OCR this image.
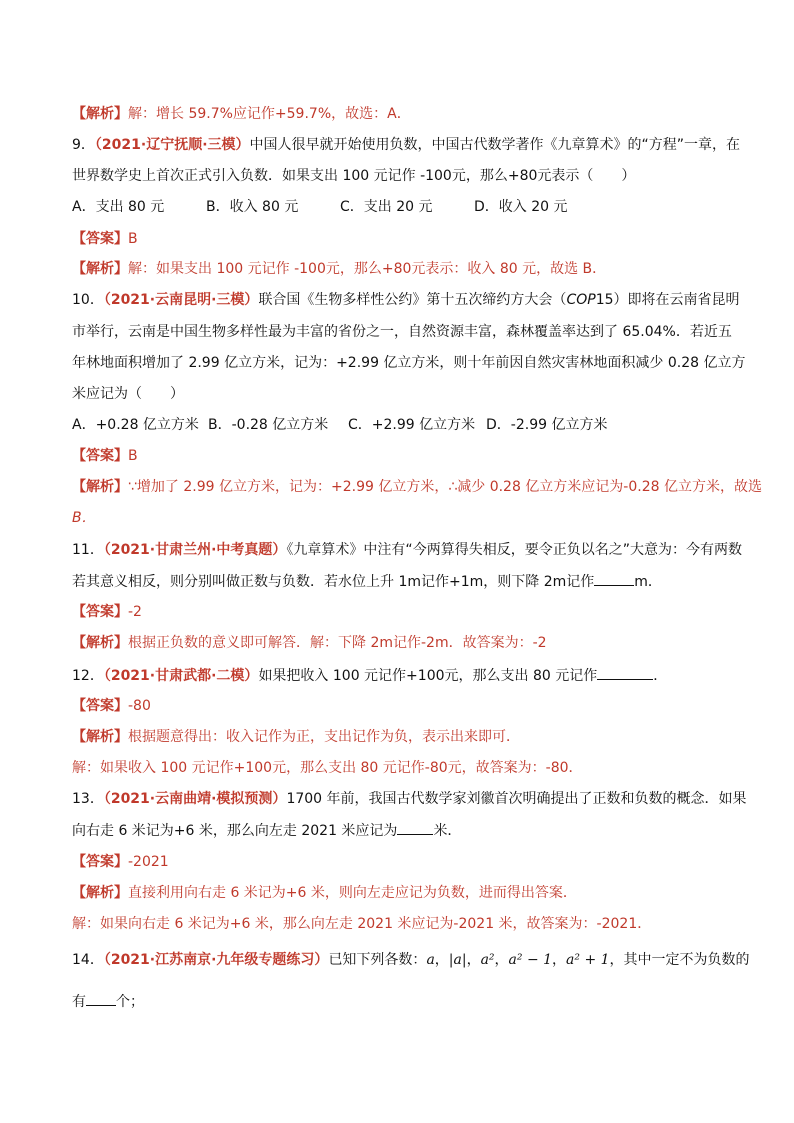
【解析】解：增长 59.7%应记作+59.7%，故选：A．
9．（2021·辽宁抚顺·三模）中国人很早就开始使用负数，中国古代数学著作《九章算术》的“方程”一章，在
世界数学史上首次正式引入负数．如果支出 100 元记作 -100元，那么+80元表示（　　）
A．支出 80 元	B．收入 80 元	C．支出 20 元	D．收入 20 元
【答案】B
【解析】解：如果支出 100 元记作 -100元，那么+80元表示：收入 80 元，故选 B．
10．（2021·云南昆明·三模）联合国《生物多样性公约》第十五次缔约方大会（COP15）即将在云南省昆明
市举行，云南是中国生物多样性最为丰富的省份之一，自然资源丰富，森林覆盖率达到了 65.04%．若近五
年林地面积增加了 2.99 亿立方米，记为：+2.99 亿立方米，则十年前因自然灾害林地面积减少 0.28 亿立方
米应记为（　　）
A．+0.28 亿立方米 B．-0.28 亿立方米 C．+2.99 亿立方米 D．-2.99 亿立方米
【答案】B
【解析】∵增加了 2.99 亿立方米，记为：+2.99 亿立方米，∴减少 0.28 亿立方米应记为-0.28 亿立方米，故选
B．
11．（2021·甘肃兰州·中考真题）《九章算术》中注有“今两算得失相反，要令正负以名之”大意为：今有两数
若其意义相反，则分别叫做正数与负数．若水位上升 1m记作+1m，则下降 2m记作	m．
【答案】-2
【解析】根据正负数的意义即可解答．解：下降 2m记作-2m．故答案为：-2
12．（2021·甘肃武都·二模）如果把收入 100 元记作+100元，那么支出 80 元记作	．
【答案】-80
【解析】根据题意得出：收入记作为正，支出记作为负，表示出来即可．
解：如果收入 100 元记作+100元，那么支出 80 元记作-80元，故答案为：-80．
13．（2021·云南曲靖·模拟预测）1700 年前，我国古代数学家刘徽首次明确提出了正数和负数的概念．如果
向右走 6 米记为+6 米，那么向左走 2021 米应记为	米．
【答案】-2021
【解析】直接利用向右走 6 米记为+6 米，则向左走应记为负数，进而得出答案．
解：如果向右走 6 米记为+6 米，那么向左走 2021 米应记为-2021 米，故答案为：-2021．
14．（2021·江苏南京·九年级专题练习）已知下列各数：a，|a|，a²，a² − 1，a² + 1，其中一定不为负数的
有 个；
